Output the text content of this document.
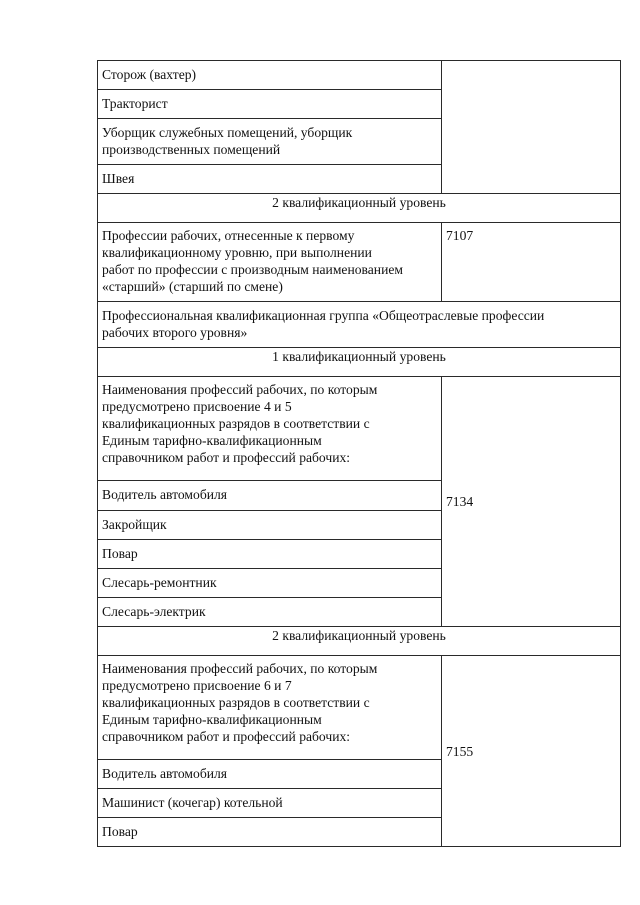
Сторож (вахтер)	

Тракторист	

Уборщик служебных помещений, уборщик
производственных помещений	

Швея	

2 квалификационный уровень	

Профессии рабочих, отнесенные к первому
квалификационному уровню, при выполнении
работ по профессии с производным наименованием
«старший» (старший по смене)	7107

Профессиональная квалификационная группа «Общеотраслевые профессии
рабочих второго уровня»	

1 квалификационный уровень	

Наименования профессий рабочих, по которым
предусмотрено присвоение 4 и 5
квалификационных разрядов в соответствии с
Единым тарифно-квалификационным
справочником работ и профессий рабочих:	7134

Водитель автомобиля	

Закройщик	

Повар	

Слесарь-ремонтник	

Слесарь-электрик	

2 квалификационный уровень	

Наименования профессий рабочих, по которым
предусмотрено присвоение 6 и 7
квалификационных разрядов в соответствии с
Единым тарифно-квалификационным
справочником работ и профессий рабочих:	7155

Водитель автомобиля	

Машинист (кочегар) котельной	

Повар	
